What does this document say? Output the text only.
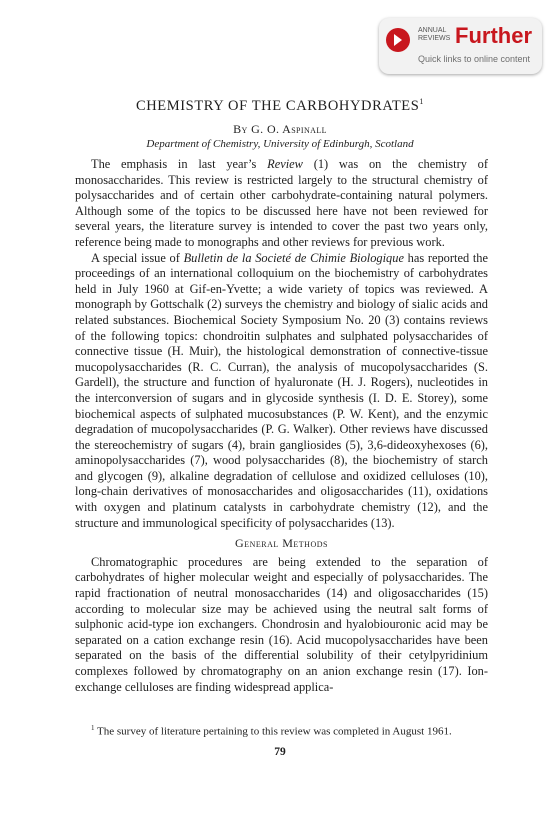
ANNUAL
REVIEWS Further
Quick links to online content
CHEMISTRY OF THE CARBOHYDRATES$^1$
By G. O. Aspinall
Department of Chemistry, University of Edinburgh, Scotland

The emphasis in last year’s Review (1) was on the chemistry of monosaccharides. This review is restricted largely to the structural chemistry of polysaccharides and of certain other carbohydrate-containing natural polymers. Although some of the topics to be discussed here have not been reviewed for several years, the literature survey is intended to cover the past two years only, reference being made to monographs and other reviews for previous work.

A special issue of Bulletin de la Societé de Chimie Biologique has reported the proceedings of an international colloquium on the biochemistry of carbohydrates held in July 1960 at Gif-en-Yvette; a wide variety of topics was reviewed. A monograph by Gottschalk (2) surveys the chemistry and biology of sialic acids and related substances. Biochemical Society Symposium No. 20 (3) contains reviews of the following topics: chondroitin sulphates and sulphated polysaccharides of connective tissue (H. Muir), the histological demonstration of connective-tissue mucopolysaccharides (R. C. Curran), the analysis of mucopolysaccharides (S. Gardell), the structure and function of hyaluronate (H. J. Rogers), nucleotides in the interconversion of sugars and in glycoside synthesis (I. D. E. Storey), some biochemical aspects of sulphated mucosubstances (P. W. Kent), and the enzymic degradation of mucopolysaccharides (P. G. Walker). Other reviews have discussed the stereochemistry of sugars (4), brain gangliosides (5), 3,6-dideoxyhexoses (6), aminopolysaccharides (7), wood polysaccharides (8), the biochemistry of starch and glycogen (9), alkaline degradation of cellulose and oxidized celluloses (10), long-chain derivatives of monosaccharides and oligosaccharides (11), oxidations with oxygen and platinum catalysts in carbohydrate chemistry (12), and the structure and immunological specificity of polysaccharides (13).

General Methods

Chromatographic procedures are being extended to the separation of carbohydrates of higher molecular weight and especially of polysaccharides. The rapid fractionation of neutral monosaccharides (14) and oligosaccharides (15) according to molecular size may be achieved using the neutral salt forms of sulphonic acid-type ion exchangers. Chondrosin and hyalobiouronic acid may be separated on a cation exchange resin (16). Acid mucopolysaccharides have been separated on the basis of the differential solubility of their cetylpyridinium complexes followed by chromatography on an anion exchange resin (17). Ion-exchange celluloses are finding widespread applica-

$^1$ The survey of literature pertaining to this review was completed in August 1961.
79
